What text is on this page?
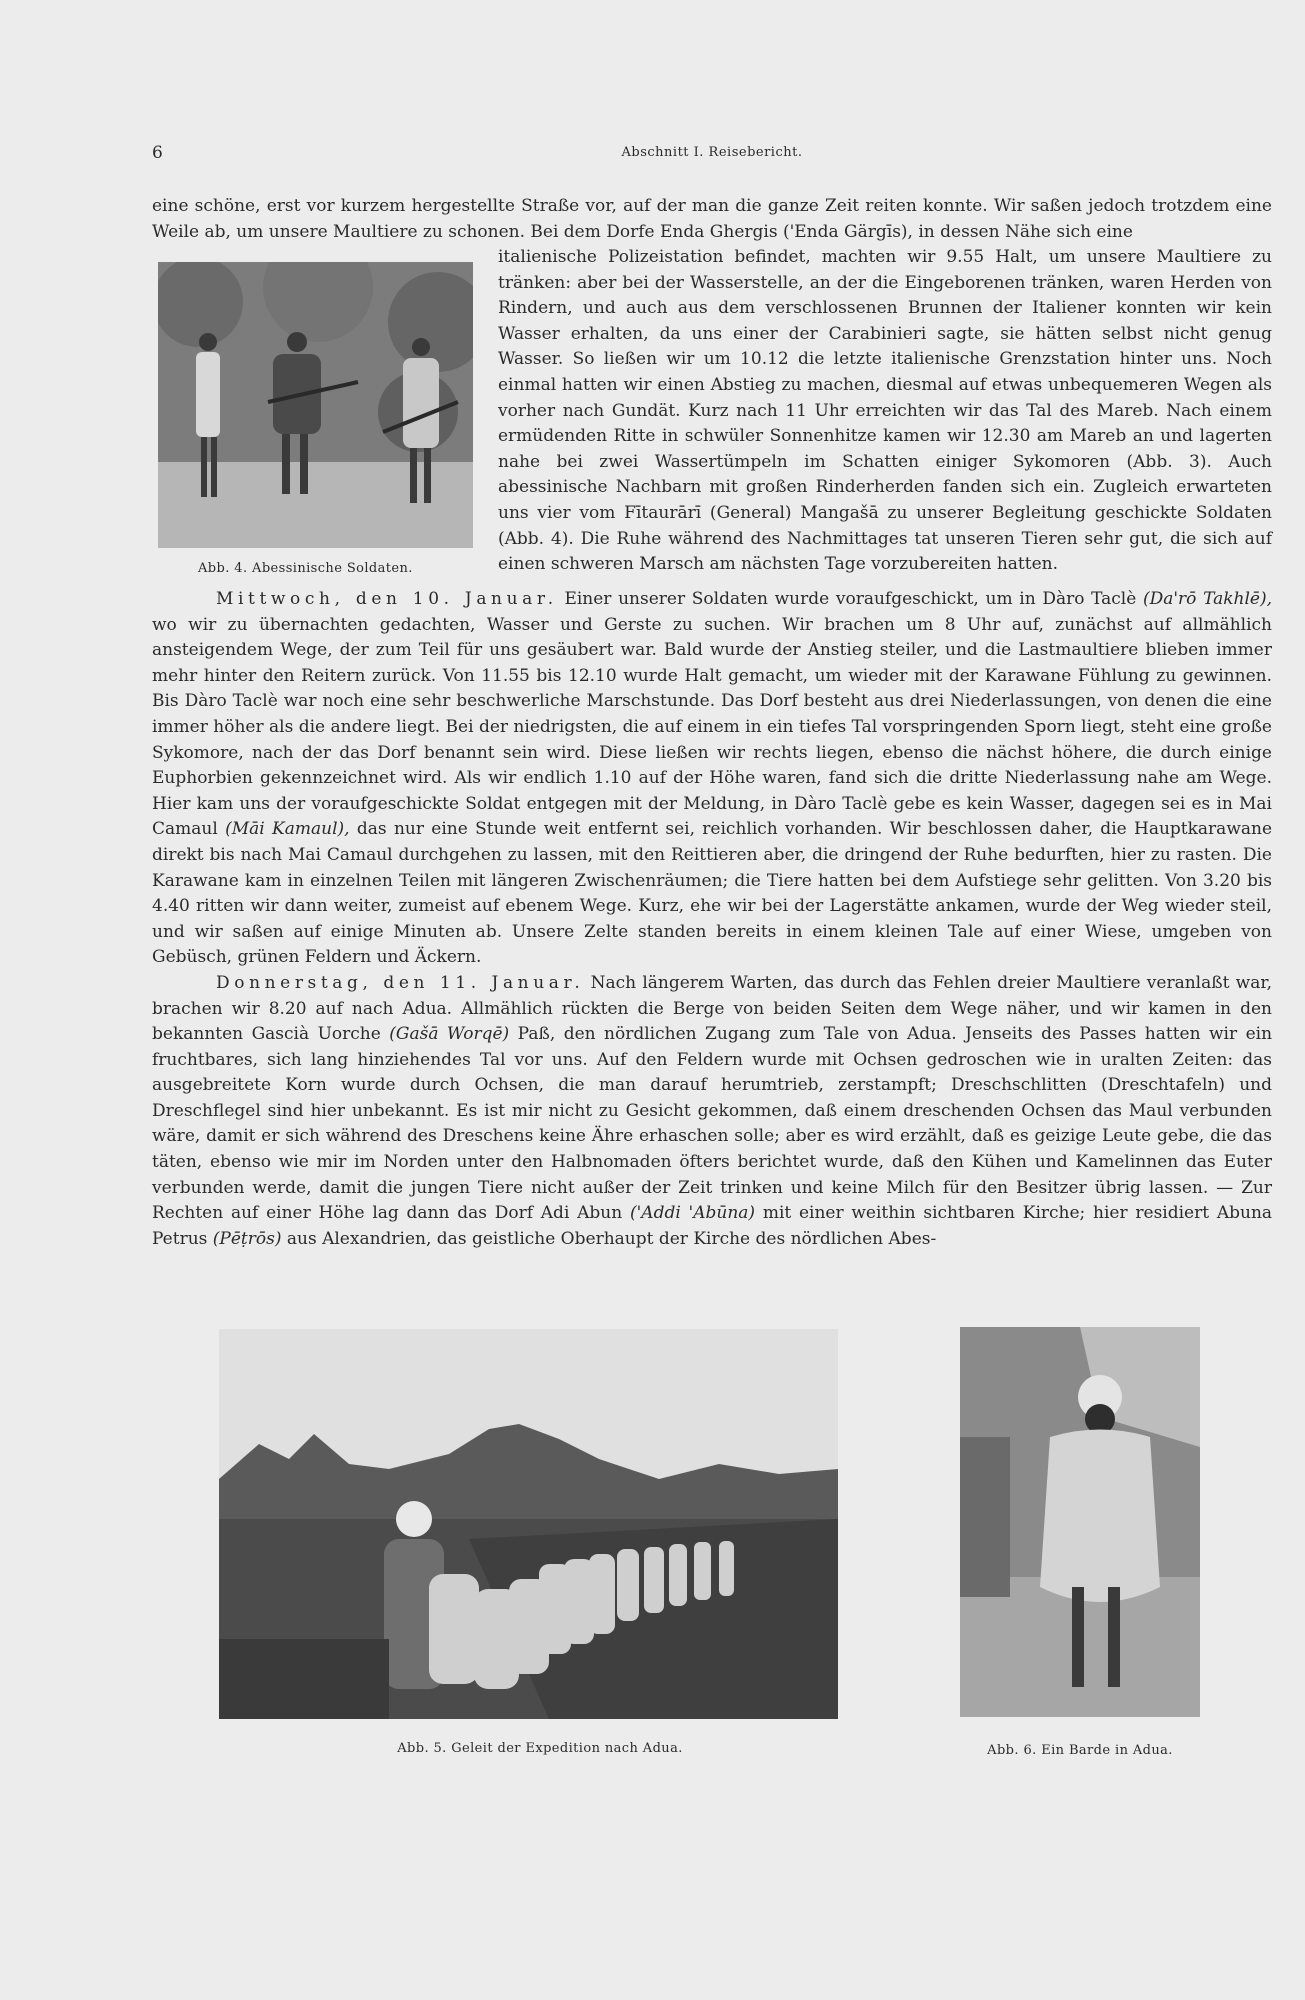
6	Abschnitt I. Reisebericht.
eine schöne, erst vor kurzem hergestellte Straße vor, auf der man die ganze Zeit reiten konnte. Wir saßen jedoch trotzdem eine Weile ab, um unsere Maultiere zu schonen. Bei dem Dorfe Enda Ghergis ('Enda Gärgīs), in dessen Nähe sich eine
Abb. 4. Abessinische Soldaten.
italienische Polizeistation befindet, machten wir 9.55 Halt, um unsere Maultiere zu tränken: aber bei der Wasserstelle, an der die Eingeborenen tränken, waren Herden von Rindern, und auch aus dem verschlossenen Brunnen der Italiener konnten wir kein Wasser erhalten, da uns einer der Carabinieri sagte, sie hätten selbst nicht genug Wasser. So ließen wir um 10.12 die letzte italienische Grenzstation hinter uns. Noch einmal hatten wir einen Abstieg zu machen, diesmal auf etwas unbequemeren Wegen als vorher nach Gundät. Kurz nach 11 Uhr erreichten wir das Tal des Mareb. Nach einem ermüdenden Ritte in schwüler Sonnenhitze kamen wir 12.30 am Mareb an und lagerten nahe bei zwei Wassertümpeln im Schatten einiger Sykomoren (Abb. 3). Auch abessinische Nachbarn mit großen Rinderherden fanden sich ein. Zugleich erwarteten uns vier vom Fītaurārī (General) Mangašā zu unserer Begleitung geschickte Soldaten (Abb. 4). Die Ruhe während des Nachmittages tat unseren Tieren sehr gut, die sich auf einen schweren Marsch am nächsten Tage vorzubereiten hatten.

Mittwoch, den 10. Januar. Einer unserer Soldaten wurde voraufgeschickt, um in Dàro Taclè (Da'rō Takhlē), wo wir zu übernachten gedachten, Wasser und Gerste zu suchen. Wir brachen um 8 Uhr auf, zunächst auf allmählich ansteigendem Wege, der zum Teil für uns gesäubert war. Bald wurde der Anstieg steiler, und die Lastmaultiere blieben immer mehr hinter den Reitern zurück. Von 11.55 bis 12.10 wurde Halt gemacht, um wieder mit der Karawane Fühlung zu gewinnen. Bis Dàro Taclè war noch eine sehr beschwerliche Marschstunde. Das Dorf besteht aus drei Niederlassungen, von denen die eine immer höher als die andere liegt. Bei der niedrigsten, die auf einem in ein tiefes Tal vorspringenden Sporn liegt, steht eine große Sykomore, nach der das Dorf benannt sein wird. Diese ließen wir rechts liegen, ebenso die nächst höhere, die durch einige Euphorbien gekennzeichnet wird. Als wir endlich 1.10 auf der Höhe waren, fand sich die dritte Niederlassung nahe am Wege. Hier kam uns der voraufgeschickte Soldat entgegen mit der Meldung, in Dàro Taclè gebe es kein Wasser, dagegen sei es in Mai Camaul (Māi Kamaul), das nur eine Stunde weit entfernt sei, reichlich vorhanden. Wir beschlossen daher, die Hauptkarawane direkt bis nach Mai Camaul durchgehen zu lassen, mit den Reittieren aber, die dringend der Ruhe bedurften, hier zu rasten. Die Karawane kam in einzelnen Teilen mit längeren Zwischenräumen; die Tiere hatten bei dem Aufstiege sehr gelitten. Von 3.20 bis 4.40 ritten wir dann weiter, zumeist auf ebenem Wege. Kurz, ehe wir bei der Lagerstätte ankamen, wurde der Weg wieder steil, und wir saßen auf einige Minuten ab. Unsere Zelte standen bereits in einem kleinen Tale auf einer Wiese, umgeben von Gebüsch, grünen Feldern und Äckern.

Donnerstag, den 11. Januar. Nach längerem Warten, das durch das Fehlen dreier Maultiere veranlaßt war, brachen wir 8.20 auf nach Adua. Allmählich rückten die Berge von beiden Seiten dem Wege näher, und wir kamen in den bekannten Gascià Uorche (Gašā Worqē) Paß, den nördlichen Zugang zum Tale von Adua. Jenseits des Passes hatten wir ein fruchtbares, sich lang hinziehendes Tal vor uns. Auf den Feldern wurde mit Ochsen gedroschen wie in uralten Zeiten: das ausgebreitete Korn wurde durch Ochsen, die man darauf herumtrieb, zerstampft; Dreschschlitten (Dreschtafeln) und Dreschflegel sind hier unbekannt. Es ist mir nicht zu Gesicht gekommen, daß einem dreschenden Ochsen das Maul verbunden wäre, damit er sich während des Dreschens keine Ähre erhaschen solle; aber es wird erzählt, daß es geizige Leute gebe, die das täten, ebenso wie mir im Norden unter den Halbnomaden öfters berichtet wurde, daß den Kühen und Kamelinnen das Euter verbunden werde, damit die jungen Tiere nicht außer der Zeit trinken und keine Milch für den Besitzer übrig lassen. — Zur Rechten auf einer Höhe lag dann das Dorf Adi Abun ('Addi 'Abūna) mit einer weithin sichtbaren Kirche; hier residiert Abuna Petrus (Pēṭrōs) aus Alexandrien, das geistliche Oberhaupt der Kirche des nördlichen Abes-

Abb. 5. Geleit der Expedition nach Adua.	Abb. 6. Ein Barde in Adua.
